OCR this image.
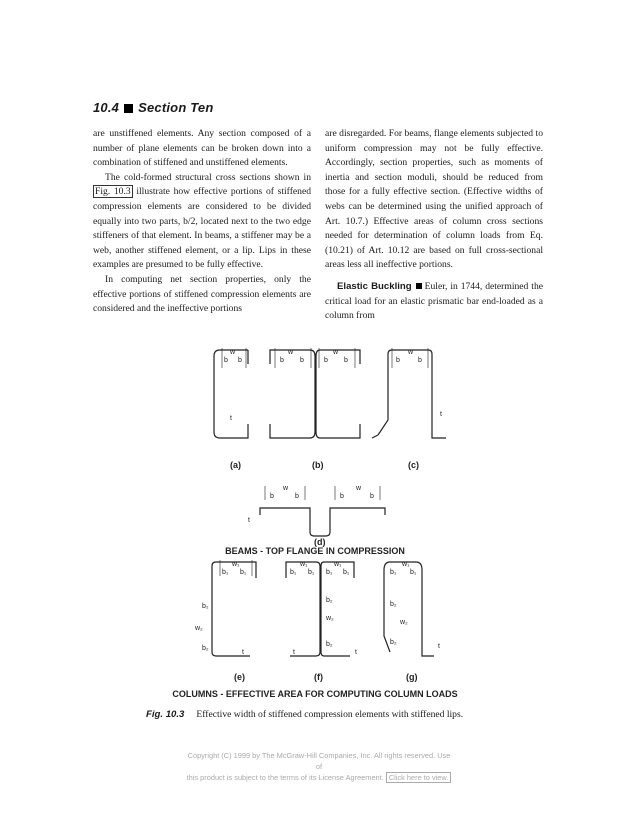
10.4 Section Ten

are unstiffened elements. Any section composed of a number of plane elements can be broken down into a combination of stiffened and unstiffened elements.

The cold-formed structural cross sections shown in Fig. 10.3 illustrate how effective portions of stiffened compression elements are considered to be divided equally into two parts, b/2, located next to the two edge stiffeners of that element. In beams, a stiffener may be a web, another stiffened element, or a lip. Lips in these examples are presumed to be fully effective.

In computing net section properties, only the effective portions of stiffened compression elements are considered and the ineffective portions

are disregarded. For beams, flange elements subjected to uniform compression may not be fully effective. Accordingly, section properties, such as moments of inertia and section moduli, should be reduced from those for a fully effective section. (Effective widths of webs can be determined using the unified approach of Art. 10.7.) Effective areas of column cross sections needed for determination of column loads from Eq. (10.21) of Art. 10.12 are based on full cross-sectional areas less all ineffective portions.

Elastic Buckling Euler, in 1744, determined the critical load for an elastic prismatic bar end-loaded as a column from

w
b b
t
(a)
w	w
b b	b b
(b)
w
b	b
t
(c)
w	w
b	b	b	b
t
(d)
BEAMS - TOP FLANGE IN COMPRESSION
w₁
b₁ b₁
b₂
w₂
b₂
t
(e)
w₁	w₁
b₁ b₁ b₁ b₁
b₂
w₂
b₂
t	t
(f)
w₁
b₁ b₁
b₂
w₂
b₂
t
(g)
COLUMNS - EFFECTIVE AREA FOR COMPUTING COLUMN LOADS
Fig. 10.3 Effective width of stiffened compression elements with stiffened lips.
Copyright (C) 1999 by The McGraw-Hill Companies, Inc. All rights reserved. Use of
this product is subject to the terms of its License Agreement. Click here to view.
